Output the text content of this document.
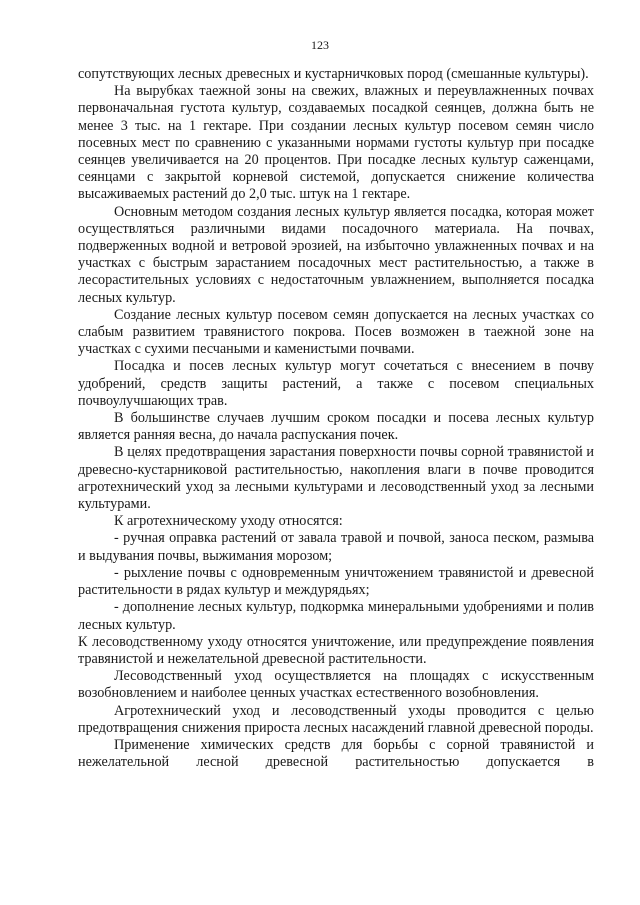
123

сопутствующих лесных древесных и кустарничковых пород (смешанные культуры).

На вырубках таежной зоны на свежих, влажных и переувлажненных почвах первоначальная густота культур, создаваемых посадкой сеянцев, должна быть не менее 3 тыс. на 1 гектаре. При создании лесных культур посевом семян число посевных мест по сравнению с указанными нормами густоты культур при посадке сеянцев увеличивается на 20 процентов. При посадке лесных культур саженцами, сеянцами с закрытой корневой системой, допускается снижение количества высаживаемых растений до 2,0 тыс. штук на 1 гектаре.

Основным методом создания лесных культур является посадка, которая может осуществляться различными видами посадочного материала. На почвах, подверженных водной и ветровой эрозией, на избыточно увлажненных почвах и на участках с быстрым зарастанием посадочных мест растительностью, а также в лесорастительных условиях с недостаточным увлажнением, выполняется посадка лесных культур.

Создание лесных культур посевом семян допускается на лесных участках со слабым развитием травянистого покрова. Посев возможен в таежной зоне на участках с сухими песчаными и каменистыми почвами.

Посадка и посев лесных культур могут сочетаться с внесением в почву удобрений, средств защиты растений, а также с посевом специальных почвоулучшающих трав.

В большинстве случаев лучшим сроком посадки и посева лесных культур является ранняя весна, до начала распускания почек.

В целях предотвращения зарастания поверхности почвы сорной травянистой и древесно-кустарниковой растительностью, накопления влаги в почве проводится агротехнический уход за лесными культурами и лесоводственный уход за лесными культурами.

К агротехническому уходу относятся:

- ручная оправка растений от завала травой и почвой, заноса песком, размыва и выдувания почвы, выжимания морозом;

- рыхление почвы с одновременным уничтожением травянистой и древесной растительности в рядах культур и междурядьях;

- дополнение лесных культур, подкормка минеральными удобрениями и полив лесных культур.

К лесоводственному уходу относятся уничтожение, или предупреждение появления травянистой и нежелательной древесной растительности.

Лесоводственный уход осуществляется на площадях с искусственным возобновлением и наиболее ценных участках естественного возобновления.

Агротехнический уход и лесоводственный уходы проводится с целью предотвращения снижения прироста лесных насаждений главной древесной породы.

Применение химических средств для борьбы с сорной травянистой и нежелательной лесной древесной растительностью допускается в
